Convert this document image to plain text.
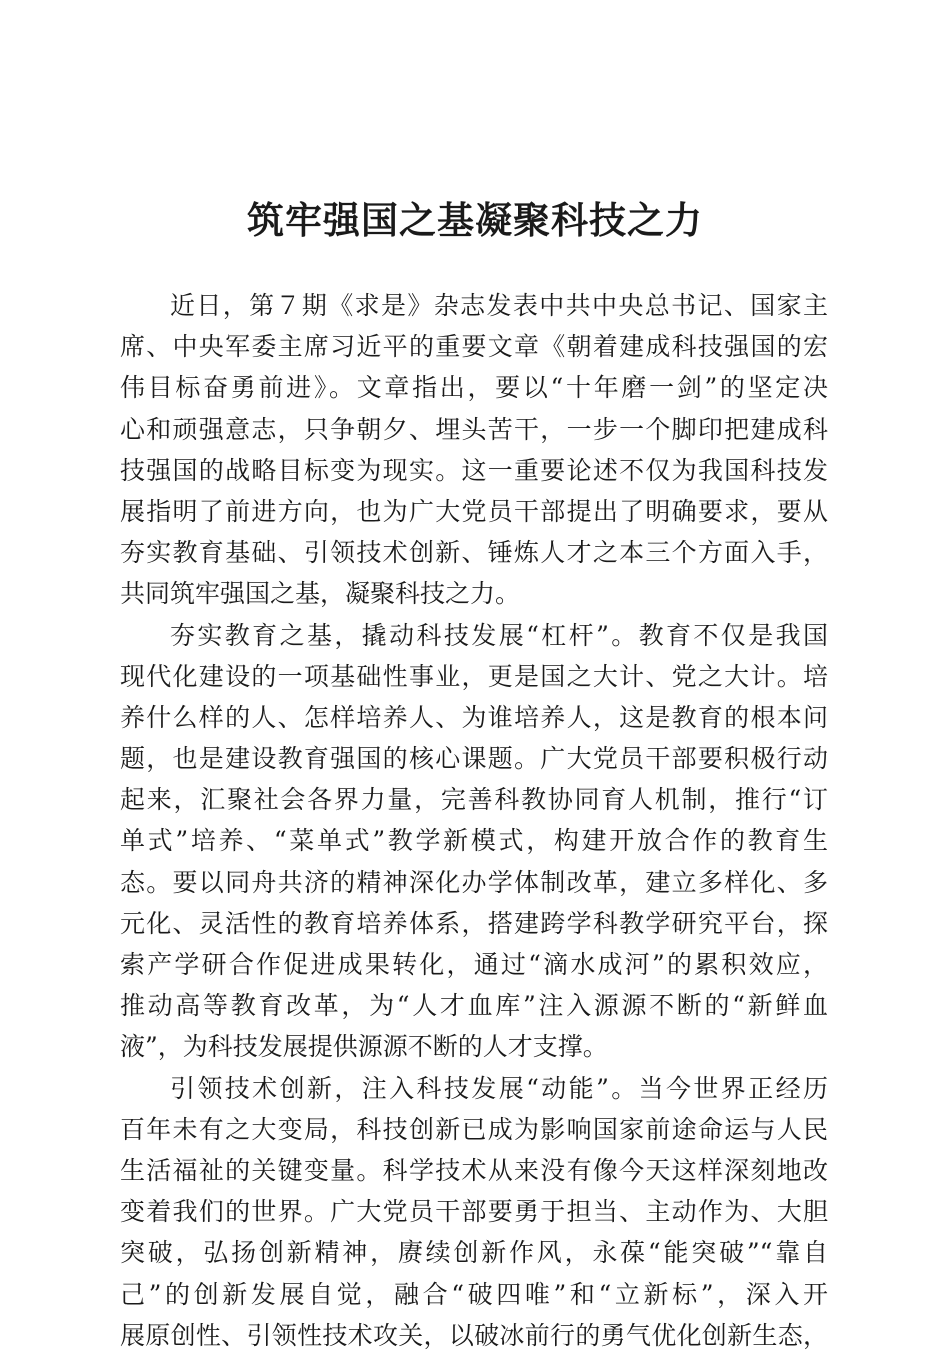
筑牢强国之基凝聚科技之力
近日，第７期《求是》杂志发表中共中央总书记、国家主
席、中央军委主席习近平的重要文章《朝着建成科技强国的宏
伟目标奋勇前进》。文章指出，要以“十年磨一剑”的坚定决
心和顽强意志，只争朝夕、埋头苦干，一步一个脚印把建成科
技强国的战略目标变为现实。这一重要论述不仅为我国科技发
展指明了前进方向，也为广大党员干部提出了明确要求，要从
夯实教育基础、引领技术创新、锤炼人才之本三个方面入手，
共同筑牢强国之基，凝聚科技之力。
夯实教育之基，撬动科技发展“杠杆”。教育不仅是我国
现代化建设的一项基础性事业，更是国之大计、党之大计。培
养什么样的人、怎样培养人、为谁培养人，这是教育的根本问
题，也是建设教育强国的核心课题。广大党员干部要积极行动
起来，汇聚社会各界力量，完善科教协同育人机制，推行“订
单式”培养、“菜单式”教学新模式，构建开放合作的教育生
态。要以同舟共济的精神深化办学体制改革，建立多样化、多
元化、灵活性的教育培养体系，搭建跨学科教学研究平台，探
索产学研合作促进成果转化，通过“滴水成河”的累积效应，
推动高等教育改革，为“人才血库”注入源源不断的“新鲜血
液”，为科技发展提供源源不断的人才支撑。
引领技术创新，注入科技发展“动能”。当今世界正经历
百年未有之大变局，科技创新已成为影响国家前途命运与人民
生活福祉的关键变量。科学技术从来没有像今天这样深刻地改
变着我们的世界。广大党员干部要勇于担当、主动作为、大胆
突破，弘扬创新精神，赓续创新作风，永葆“能突破”“靠自
己”的创新发展自觉，融合“破四唯”和“立新标”，深入开
展原创性、引领性技术攻关，以破冰前行的勇气优化创新生态，
